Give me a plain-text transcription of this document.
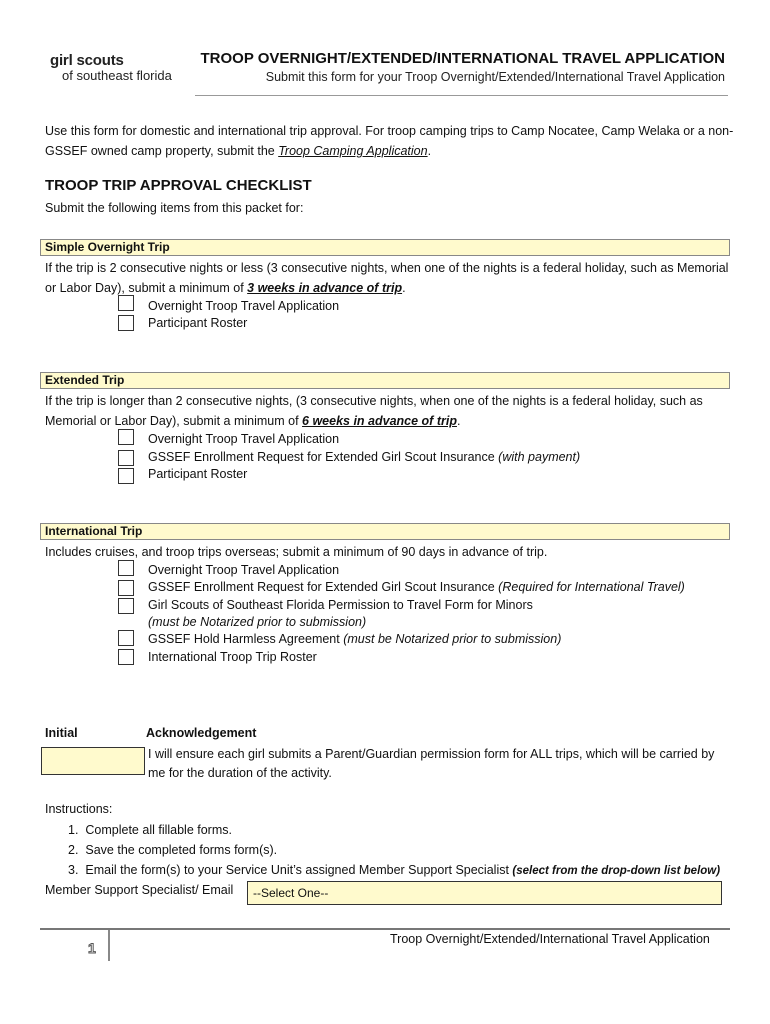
girl scouts
of southeast florida
TROOP OVERNIGHT/EXTENDED/INTERNATIONAL TRAVEL APPLICATION
Submit this form for your Troop Overnight/Extended/International Travel Application
Use this form for domestic and international trip approval. For troop camping trips to Camp Nocatee, Camp Welaka or a non-GSSEF owned camp property, submit the Troop Camping Application.
TROOP TRIP APPROVAL CHECKLIST
Submit the following items from this packet for:
Simple Overnight Trip
If the trip is 2 consecutive nights or less (3 consecutive nights, when one of the nights is a federal holiday, such as Memorial or Labor Day), submit a minimum of 3 weeks in advance of trip.
Overnight Troop Travel Application
Participant Roster
Extended Trip
If the trip is longer than 2 consecutive nights, (3 consecutive nights, when one of the nights is a federal holiday, such as Memorial or Labor Day), submit a minimum of 6 weeks in advance of trip.
Overnight Troop Travel Application
GSSEF Enrollment Request for Extended Girl Scout Insurance (with payment)
Participant Roster
International Trip
Includes cruises, and troop trips overseas; submit a minimum of 90 days in advance of trip.
Overnight Troop Travel Application
GSSEF Enrollment Request for Extended Girl Scout Insurance (Required for International Travel)
Girl Scouts of Southeast Florida Permission to Travel Form for Minors
(must be Notarized prior to submission)
GSSEF Hold Harmless Agreement (must be Notarized prior to submission)
International Troop Trip Roster
Initial	Acknowledgement
I will ensure each girl submits a Parent/Guardian permission form for ALL trips, which will be carried by me for the duration of the activity.
Instructions:
1. Complete all fillable forms.
2. Save the completed forms form(s).
3. Email the form(s) to your Service Unit’s assigned Member Support Specialist (select from the drop-down list below)
Member Support Specialist/ Email	--Select One--
1
Troop Overnight/Extended/International Travel Application
